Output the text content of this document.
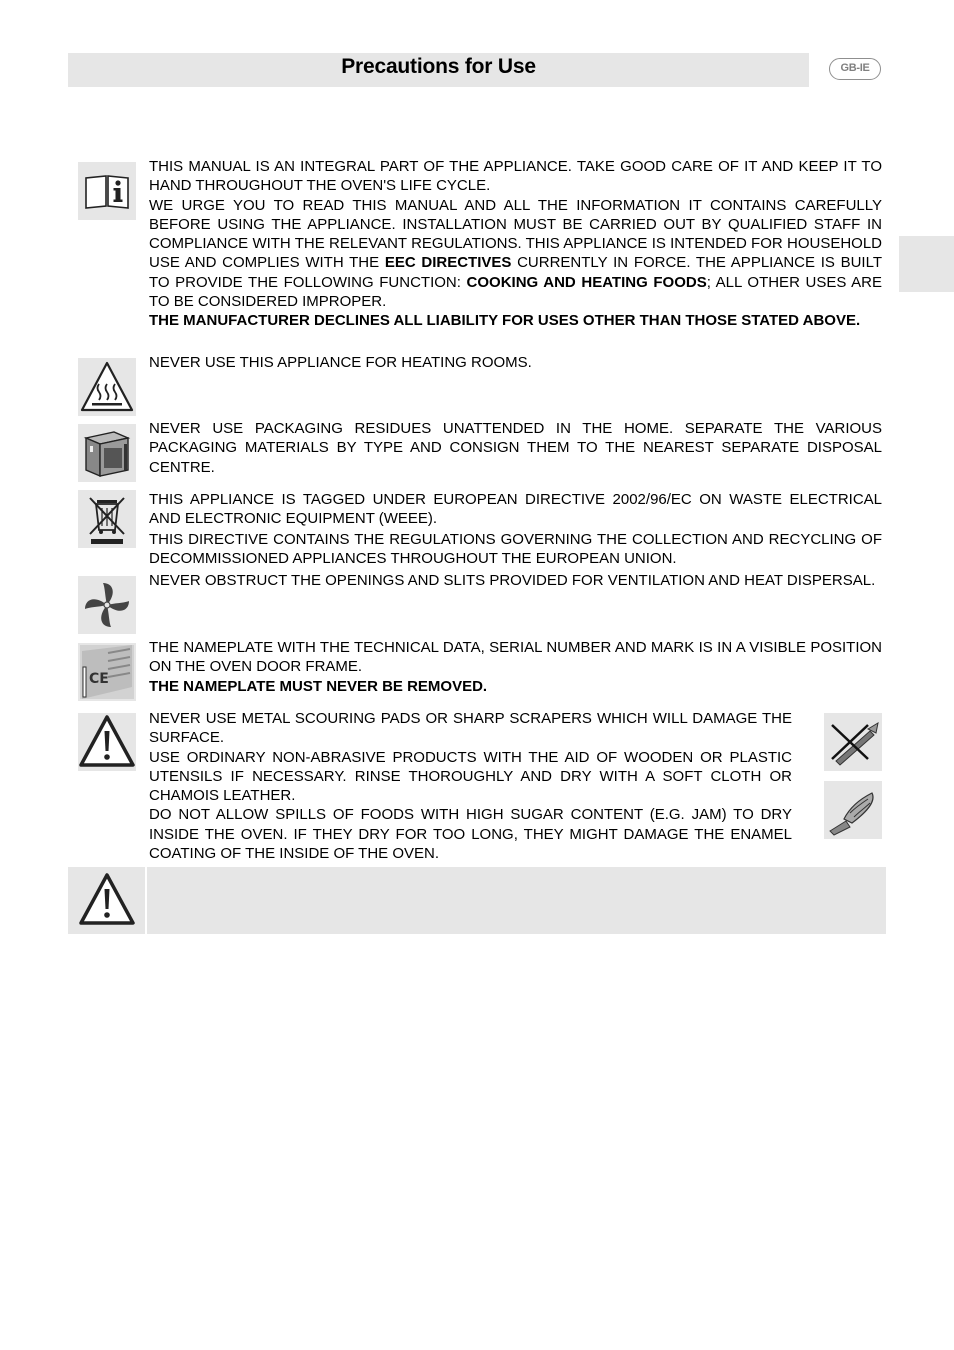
Precautions for Use	GB-IE

THIS MANUAL IS AN INTEGRAL PART OF THE APPLIANCE. TAKE GOOD CARE OF IT AND KEEP IT TO HAND THROUGHOUT THE OVEN'S LIFE CYCLE.

WE URGE YOU TO READ THIS MANUAL AND ALL THE INFORMATION IT CONTAINS CAREFULLY BEFORE USING THE APPLIANCE. INSTALLATION MUST BE CARRIED OUT BY QUALIFIED STAFF IN COMPLIANCE WITH THE RELEVANT REGULATIONS. THIS APPLIANCE IS INTENDED FOR HOUSEHOLD USE AND COMPLIES WITH THE EEC DIRECTIVES CURRENTLY IN FORCE. THE APPLIANCE IS BUILT TO PROVIDE THE FOLLOWING FUNCTION: COOKING AND HEATING FOODS; ALL OTHER USES ARE TO BE CONSIDERED IMPROPER.

THE MANUFACTURER DECLINES ALL LIABILITY FOR USES OTHER THAN THOSE STATED ABOVE.

NEVER USE THIS APPLIANCE FOR HEATING ROOMS.

NEVER USE PACKAGING RESIDUES UNATTENDED IN THE HOME. SEPARATE THE VARIOUS PACKAGING MATERIALS BY TYPE AND CONSIGN THEM TO THE NEAREST SEPARATE DISPOSAL CENTRE.

THIS APPLIANCE IS TAGGED UNDER EUROPEAN DIRECTIVE 2002/96/EC ON WASTE ELECTRICAL AND ELECTRONIC EQUIPMENT (WEEE).

THIS DIRECTIVE CONTAINS THE REGULATIONS GOVERNING THE COLLECTION AND RECYCLING OF DECOMMISSIONED APPLIANCES THROUGHOUT THE EUROPEAN UNION.

NEVER OBSTRUCT THE OPENINGS AND SLITS PROVIDED FOR VENTILATION AND HEAT DISPERSAL.

CE

THE NAMEPLATE WITH THE TECHNICAL DATA, SERIAL NUMBER AND MARK IS IN A VISIBLE POSITION ON THE OVEN DOOR FRAME.

THE NAMEPLATE MUST NEVER BE REMOVED.

NEVER USE METAL SCOURING PADS OR SHARP SCRAPERS WHICH WILL DAMAGE THE SURFACE.

USE ORDINARY NON-ABRASIVE PRODUCTS WITH THE AID OF WOODEN OR PLASTIC UTENSILS IF NECESSARY. RINSE THOROUGHLY AND DRY WITH A SOFT CLOTH OR CHAMOIS LEATHER.

DO NOT ALLOW SPILLS OF FOODS WITH HIGH SUGAR CONTENT (E.G. JAM) TO DRY INSIDE THE OVEN. IF THEY DRY FOR TOO LONG, THEY MIGHT DAMAGE THE ENAMEL COATING OF THE INSIDE OF THE OVEN.
